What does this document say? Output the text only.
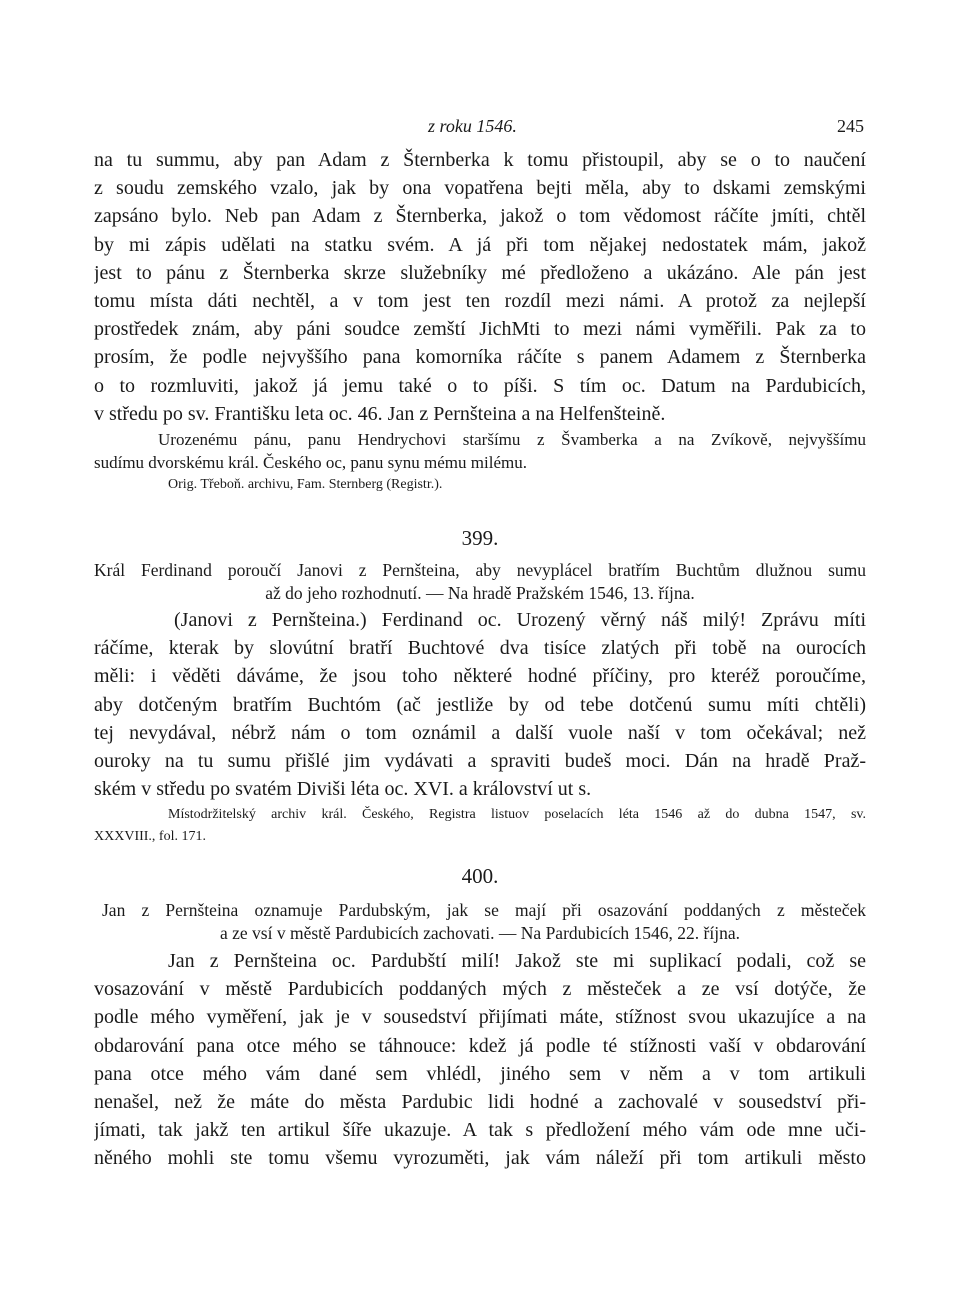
z roku 1546.	245
na tu summu, aby pan Adam z Šternberka k tomu přistoupil, aby se o to naučení
z soudu zemského vzalo, jak by ona vopatřena bejti měla, aby to dskami zemskými
zapsáno bylo. Neb pan Adam z Šternberka, jakož o tom vědomost ráčíte jmíti, chtěl
by mi zápis udělati na statku svém. A já při tom nějakej nedostatek mám, jakož
jest to pánu z Šternberka skrze služebníky mé předloženo a ukázáno. Ale pán jest
tomu místa dáti nechtěl, a v tom jest ten rozdíl mezi námi. A protož za nejlepší
prostředek znám, aby páni soudce zemští JichMti to mezi námi vyměřili. Pak za to
prosím, že podle nejvyššího pana komorníka ráčíte s panem Adamem z Šternberka
o to rozmluviti, jakož já jemu také o to píši. S tím oc. Datum na Pardubicích,
v středu po sv. Františku leta oc. 46. Jan z Pernšteina a na Helfenšteině.
Urozenému pánu, panu Hendrychovi staršímu z Švamberka a na Zvíkově, nejvyššímu
sudímu dvorskému král. Českého oc, panu synu mému milému.
Orig. Třeboň. archivu, Fam. Sternberg (Registr.).
399.
Král Ferdinand poroučí Janovi z Pernšteina, aby nevyplácel bratřím Buchtům dlužnou sumu
až do jeho rozhodnutí. — Na hradě Pražském 1546, 13. října.
(Janovi z Pernšteina.) Ferdinand oc. Urozený věrný náš milý! Zprávu míti
ráčíme, kterak by slovútní bratří Buchtové dva tisíce zlatých při tobě na ourocích
měli: i věděti dáváme, že jsou toho některé hodné příčiny, pro kteréž poroučíme,
aby dotčeným bratřím Buchtóm (ač jestliže by od tebe dotčenú sumu míti chtěli)
tej nevydával, nébrž nám o tom oznámil a další vuole naší v tom očekával; než
ouroky na tu sumu přišlé jim vydávati a spraviti budeš moci. Dán na hradě Praž-
ském v středu po svatém Diviši léta oc. XVI. a království ut s.
Místodržitelský archiv král. Českého, Registra listuov poselacích léta 1546 až do dubna 1547, sv.
XXXVIII., fol. 171.
400.
Jan z Pernšteina oznamuje Pardubským, jak se mají při osazování poddaných z městeček
a ze vsí v městě Pardubicích zachovati. — Na Pardubicích 1546, 22. října.
Jan z Pernšteina oc. Pardubští milí! Jakož ste mi suplikací podali, což se
vosazování v městě Pardubicích poddaných mých z městeček a ze vsí dotýče, že
podle mého vyměření, jak je v sousedství přijímati máte, stížnost svou ukazujíce a na
obdarování pana otce mého se táhnouce: kdež já podle té stížnosti vaší v obdarování
pana otce mého vám dané sem vhlédl, jiného sem v něm a v tom artikuli
nenašel, než že máte do města Pardubic lidi hodné a zachovalé v sousedství při-
jímati, tak jakž ten artikul šíře ukazuje. A tak s předložení mého vám ode mne uči-
něného mohli ste tomu všemu vyrozuměti, jak vám náleží při tom artikuli město
